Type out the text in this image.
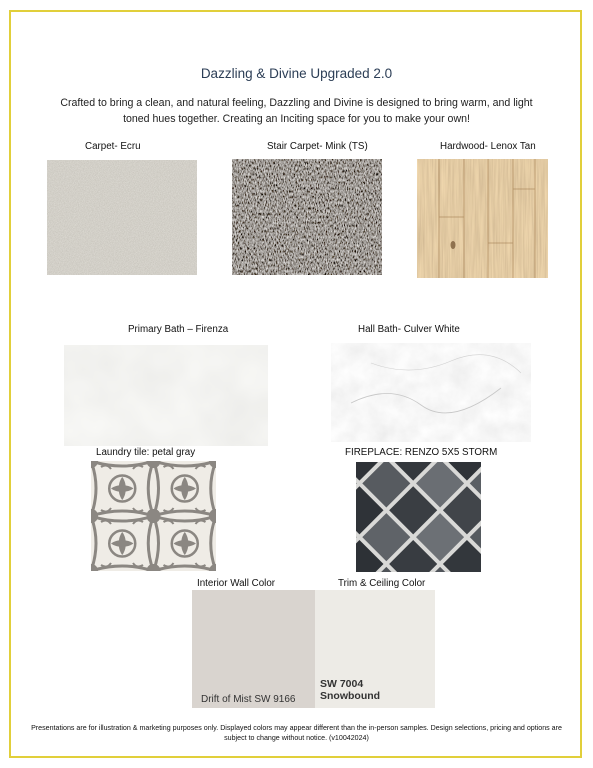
Dazzling & Divine Upgraded 2.0
Crafted to bring a clean, and natural feeling, Dazzling and Divine is designed to bring warm, and light toned hues together. Creating an Inciting space for you to make your own!
Carpet- Ecru	Stair Carpet- Mink (TS)	Hardwood- Lenox Tan
Primary Bath – Firenza	Hall Bath- Culver White
Laundry tile: petal gray	FIREPLACE: RENZO 5X5 STORM
Interior Wall Color	Trim & Ceiling Color
Drift of Mist SW 9166
SW 7004
Snowbound
Presentations are for illustration & marketing purposes only. Displayed colors may appear different than the in-person samples. Design selections, pricing and options are subject to change without notice. (v10042024)
